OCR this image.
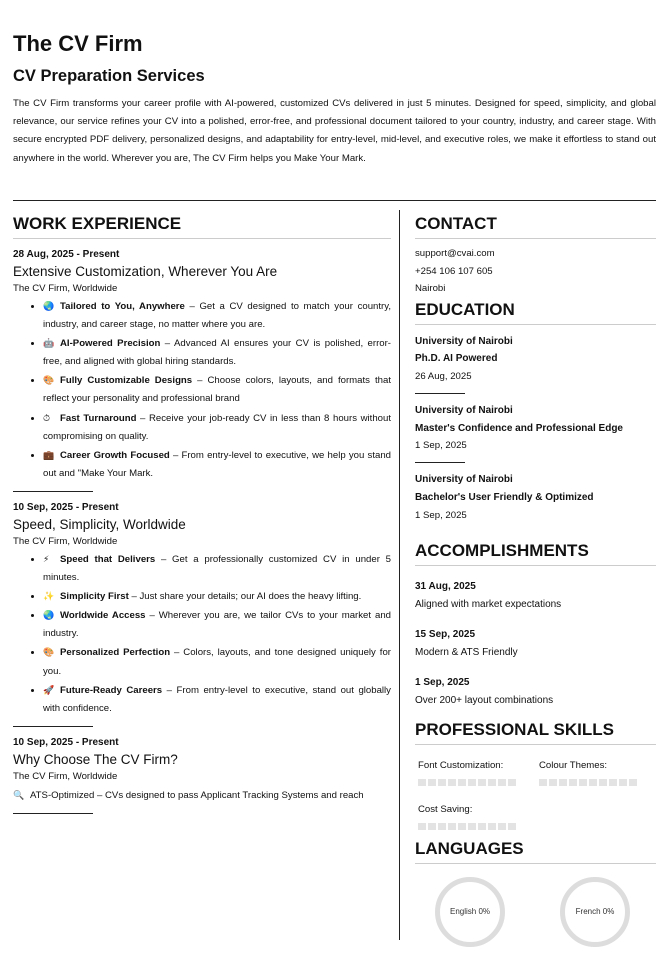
The CV Firm
CV Preparation Services

The CV Firm transforms your career profile with AI-powered, customized CVs delivered in just 5 minutes. Designed for speed, simplicity, and global relevance, our service refines your CV into a polished, error-free, and professional document tailored to your country, industry, and career stage. With secure encrypted PDF delivery, personalized designs, and adaptability for entry-level, mid-level, and executive roles, we make it effortless to stand out anywhere in the world. Wherever you are, The CV Firm helps you Make Your Mark.

WORK EXPERIENCE
28 Aug, 2025 - Present
Extensive Customization, Wherever You Are
The CV Firm, Worldwide
• 🌏 Tailored to You, Anywhere – Get a CV designed to match your country, industry, and career stage, no matter where you are.
• 🤖 AI-Powered Precision – Advanced AI ensures your CV is polished, error-free, and aligned with global hiring standards.
• 🎨 Fully Customizable Designs – Choose colors, layouts, and formats that reflect your personality and professional brand
• ⏱ Fast Turnaround – Receive your job-ready CV in less than 8 hours without compromising on quality.
• 💼 Career Growth Focused – From entry-level to executive, we help you stand out and "Make Your Mark.
10 Sep, 2025 - Present
Speed, Simplicity, Worldwide
The CV Firm, Worldwide
• ⚡ Speed that Delivers – Get a professionally customized CV in under 5 minutes.
• ✨ Simplicity First – Just share your details; our AI does the heavy lifting.
• 🌏 Worldwide Access – Wherever you are, we tailor CVs to your market and industry.
• 🎨 Personalized Perfection – Colors, layouts, and tone designed uniquely for you.
• 🚀 Future-Ready Careers – From entry-level to executive, stand out globally with confidence.
10 Sep, 2025 - Present
Why Choose The CV Firm?
The CV Firm, Worldwide
🔍 ATS-Optimized – CVs designed to pass Applicant Tracking Systems and reach
CONTACT
support@cvai.com
+254 106 107 605
Nairobi
EDUCATION
University of Nairobi
Ph.D. AI Powered
26 Aug, 2025
University of Nairobi
Master's Confidence and Professional Edge
1 Sep, 2025
University of Nairobi
Bachelor's User Friendly & Optimized
1 Sep, 2025
ACCOMPLISHMENTS
31 Aug, 2025
Aligned with market expectations
15 Sep, 2025
Modern & ATS Friendly
1 Sep, 2025
Over 200+ layout combinations
PROFESSIONAL SKILLS
Font Customization:	Colour Themes:
Cost Saving:
LANGUAGES
English 0%	French 0%
